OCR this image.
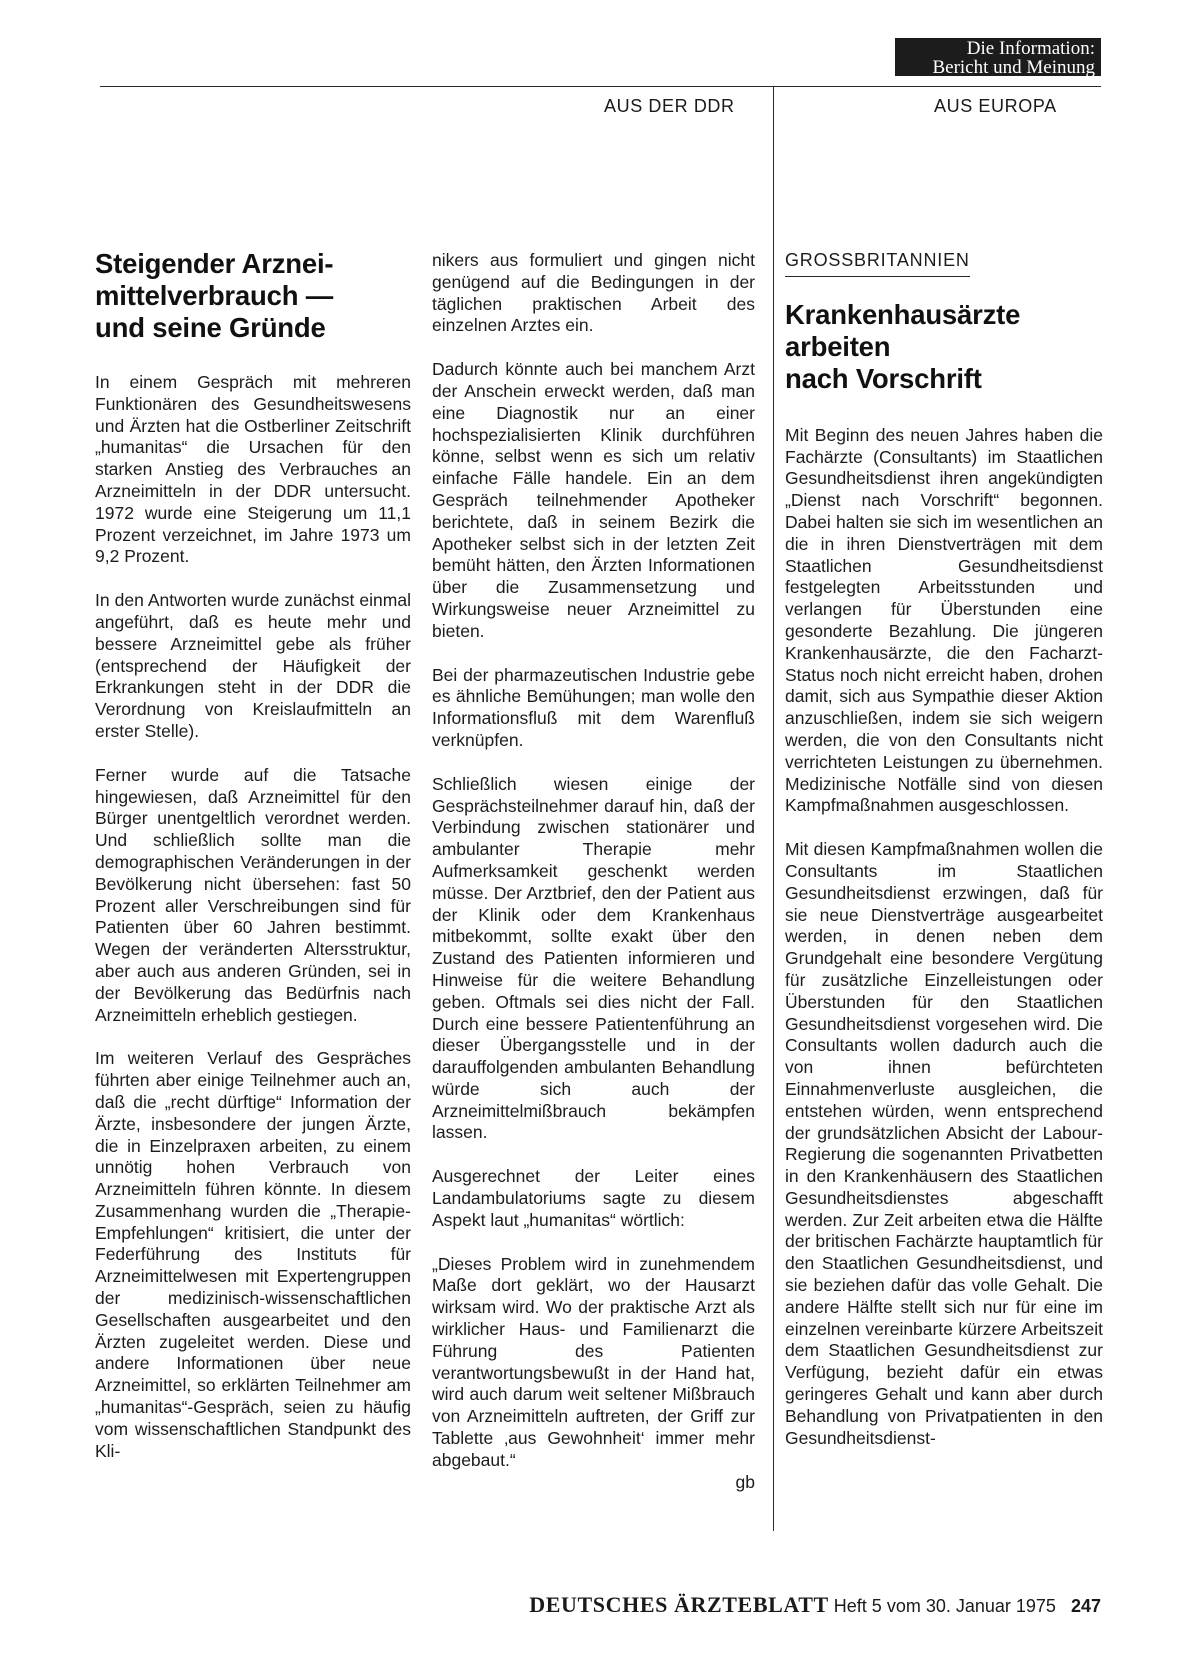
Die Information:
Bericht und Meinung
AUS DER DDR	AUS EUROPA
Steigender Arznei-
mittelverbrauch —
und seine Gründe

In einem Gespräch mit mehreren Funktionären des Gesundheitswesens und Ärzten hat die Ostberliner Zeitschrift „humanitas“ die Ursachen für den starken Anstieg des Verbrauches an Arzneimitteln in der DDR untersucht. 1972 wurde eine Steigerung um 11,1 Prozent verzeichnet, im Jahre 1973 um 9,2 Prozent.

In den Antworten wurde zunächst einmal angeführt, daß es heute mehr und bessere Arzneimittel gebe als früher (entsprechend der Häufigkeit der Erkrankungen steht in der DDR die Verordnung von Kreislaufmitteln an erster Stelle).

Ferner wurde auf die Tatsache hingewiesen, daß Arzneimittel für den Bürger unentgeltlich verordnet werden. Und schließlich sollte man die demographischen Veränderungen in der Bevölkerung nicht übersehen: fast 50 Prozent aller Verschreibungen sind für Patienten über 60 Jahren bestimmt. Wegen der veränderten Altersstruktur, aber auch aus anderen Gründen, sei in der Bevölkerung das Bedürfnis nach Arzneimitteln erheblich gestiegen.

Im weiteren Verlauf des Gespräches führten aber einige Teilnehmer auch an, daß die „recht dürftige“ Information der Ärzte, insbesondere der jungen Ärzte, die in Einzelpraxen arbeiten, zu einem unnötig hohen Verbrauch von Arzneimitteln führen könnte. In diesem Zusammenhang wurden die „Therapie-Empfehlungen“ kritisiert, die unter der Federführung des Instituts für Arzneimittelwesen mit Expertengruppen der medizinisch-wissenschaftlichen Gesellschaften ausgearbeitet und den Ärzten zugeleitet werden. Diese und andere Informationen über neue Arzneimittel, so erklärten Teilnehmer am „humanitas“-Gespräch, seien zu häufig vom wissenschaftlichen Standpunkt des Kli-

nikers aus formuliert und gingen nicht genügend auf die Bedingungen in der täglichen praktischen Arbeit des einzelnen Arztes ein.

Dadurch könnte auch bei manchem Arzt der Anschein erweckt werden, daß man eine Diagnostik nur an einer hochspezialisierten Klinik durchführen könne, selbst wenn es sich um relativ einfache Fälle handele. Ein an dem Gespräch teilnehmender Apotheker berichtete, daß in seinem Bezirk die Apotheker selbst sich in der letzten Zeit bemüht hätten, den Ärzten Informationen über die Zusammensetzung und Wirkungsweise neuer Arzneimittel zu bieten.

Bei der pharmazeutischen Industrie gebe es ähnliche Bemühungen; man wolle den Informationsfluß mit dem Warenfluß verknüpfen.

Schließlich wiesen einige der Gesprächsteilnehmer darauf hin, daß der Verbindung zwischen stationärer und ambulanter Therapie mehr Aufmerksamkeit geschenkt werden müsse. Der Arztbrief, den der Patient aus der Klinik oder dem Krankenhaus mitbekommt, sollte exakt über den Zustand des Patienten informieren und Hinweise für die weitere Behandlung geben. Oftmals sei dies nicht der Fall. Durch eine bessere Patientenführung an dieser Übergangsstelle und in der darauffolgenden ambulanten Behandlung würde sich auch der Arzneimittelmißbrauch bekämpfen lassen.

Ausgerechnet der Leiter eines Landambulatoriums sagte zu diesem Aspekt laut „humanitas“ wörtlich:

„Dieses Problem wird in zunehmendem Maße dort geklärt, wo der Hausarzt wirksam wird. Wo der praktische Arzt als wirklicher Haus- und Familienarzt die Führung des Patienten verantwortungsbewußt in der Hand hat, wird auch darum weit seltener Mißbrauch von Arzneimitteln auftreten, der Griff zur Tablette ‚aus Gewohnheit‘ immer mehr abgebaut.“

gb
GROSSBRITANNIEN
Krankenhausärzte
arbeiten
nach Vorschrift

Mit Beginn des neuen Jahres haben die Fachärzte (Consultants) im Staatlichen Gesundheitsdienst ihren angekündigten „Dienst nach Vorschrift“ begonnen. Dabei halten sie sich im wesentlichen an die in ihren Dienstverträgen mit dem Staatlichen Gesundheitsdienst festgelegten Arbeitsstunden und verlangen für Überstunden eine gesonderte Bezahlung. Die jüngeren Krankenhausärzte, die den Facharzt-Status noch nicht erreicht haben, drohen damit, sich aus Sympathie dieser Aktion anzuschließen, indem sie sich weigern werden, die von den Consultants nicht verrichteten Leistungen zu übernehmen. Medizinische Notfälle sind von diesen Kampfmaßnahmen ausgeschlossen.

Mit diesen Kampfmaßnahmen wollen die Consultants im Staatlichen Gesundheitsdienst erzwingen, daß für sie neue Dienstverträge ausgearbeitet werden, in denen neben dem Grundgehalt eine besondere Vergütung für zusätzliche Einzelleistungen oder Überstunden für den Staatlichen Gesundheitsdienst vorgesehen wird. Die Consultants wollen dadurch auch die von ihnen befürchteten Einnahmenverluste ausgleichen, die entstehen würden, wenn entsprechend der grundsätzlichen Absicht der Labour-Regierung die sogenannten Privatbetten in den Krankenhäusern des Staatlichen Gesundheitsdienstes abgeschafft werden. Zur Zeit arbeiten etwa die Hälfte der britischen Fachärzte hauptamtlich für den Staatlichen Gesundheitsdienst, und sie beziehen dafür das volle Gehalt. Die andere Hälfte stellt sich nur für eine im einzelnen vereinbarte kürzere Arbeitszeit dem Staatlichen Gesundheitsdienst zur Verfügung, bezieht dafür ein etwas geringeres Gehalt und kann aber durch Behandlung von Privatpatienten in den Gesundheitsdienst-

DEUTSCHES ÄRZTEBLATT Heft 5 vom 30. Januar 1975 247
